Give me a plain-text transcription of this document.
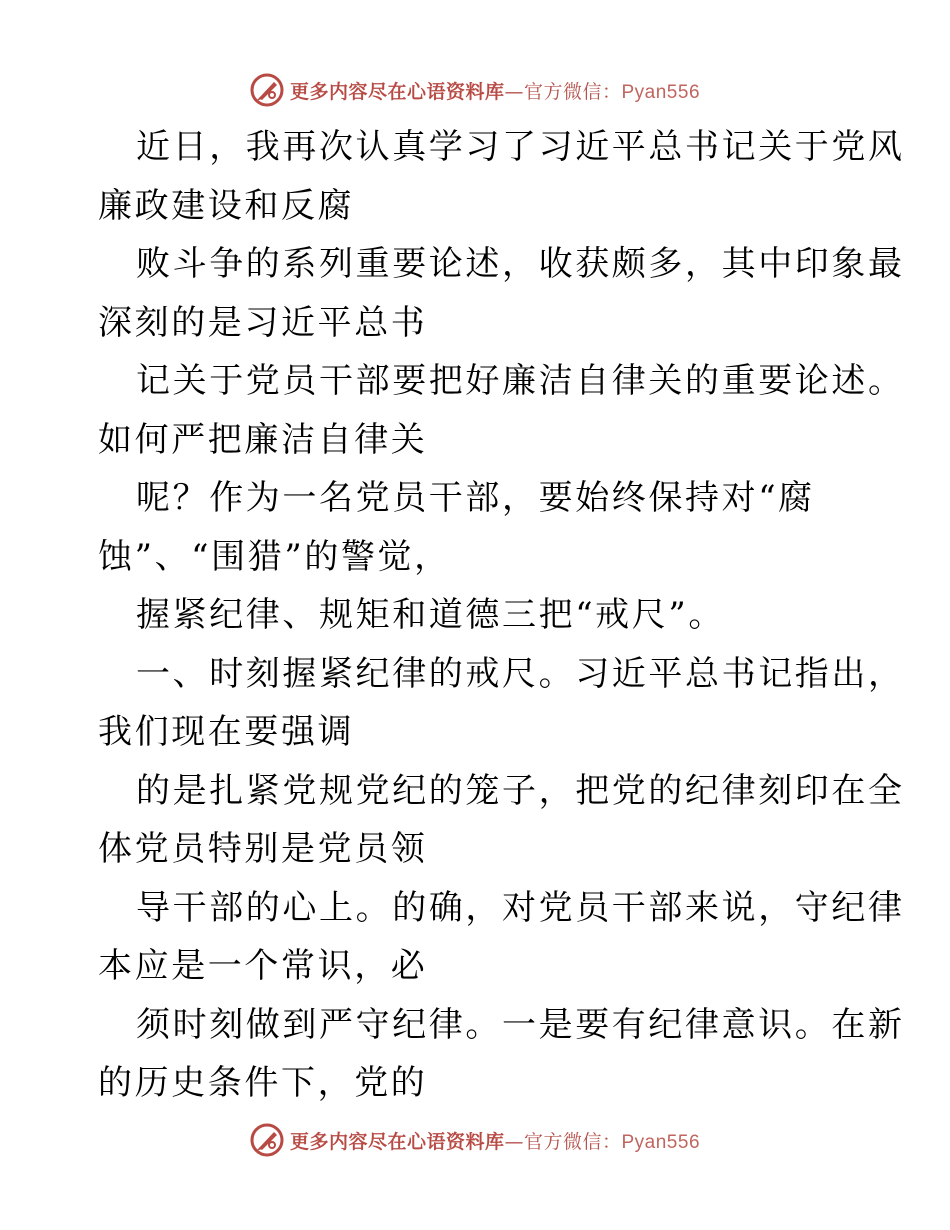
更多内容尽在心语资料库—官方微信：Pyan556
近日，我再次认真学习了习近平总书记关于党风
廉政建设和反腐
败斗争的系列重要论述，收获颇多，其中印象最
深刻的是习近平总书
记关于党员干部要把好廉洁自律关的重要论述。
如何严把廉洁自律关
呢？作为一名党员干部，要始终保持对“腐
蚀”、“围猎”的警觉，
握紧纪律、规矩和道德三把“戒尺”。
一、时刻握紧纪律的戒尺。习近平总书记指出，
我们现在要强调
的是扎紧党规党纪的笼子，把党的纪律刻印在全
体党员特别是党员领
导干部的心上。的确，对党员干部来说，守纪律
本应是一个常识，必
须时刻做到严守纪律。一是要有纪律意识。在新
的历史条件下，党的
更多内容尽在心语资料库—官方微信：Pyan556
